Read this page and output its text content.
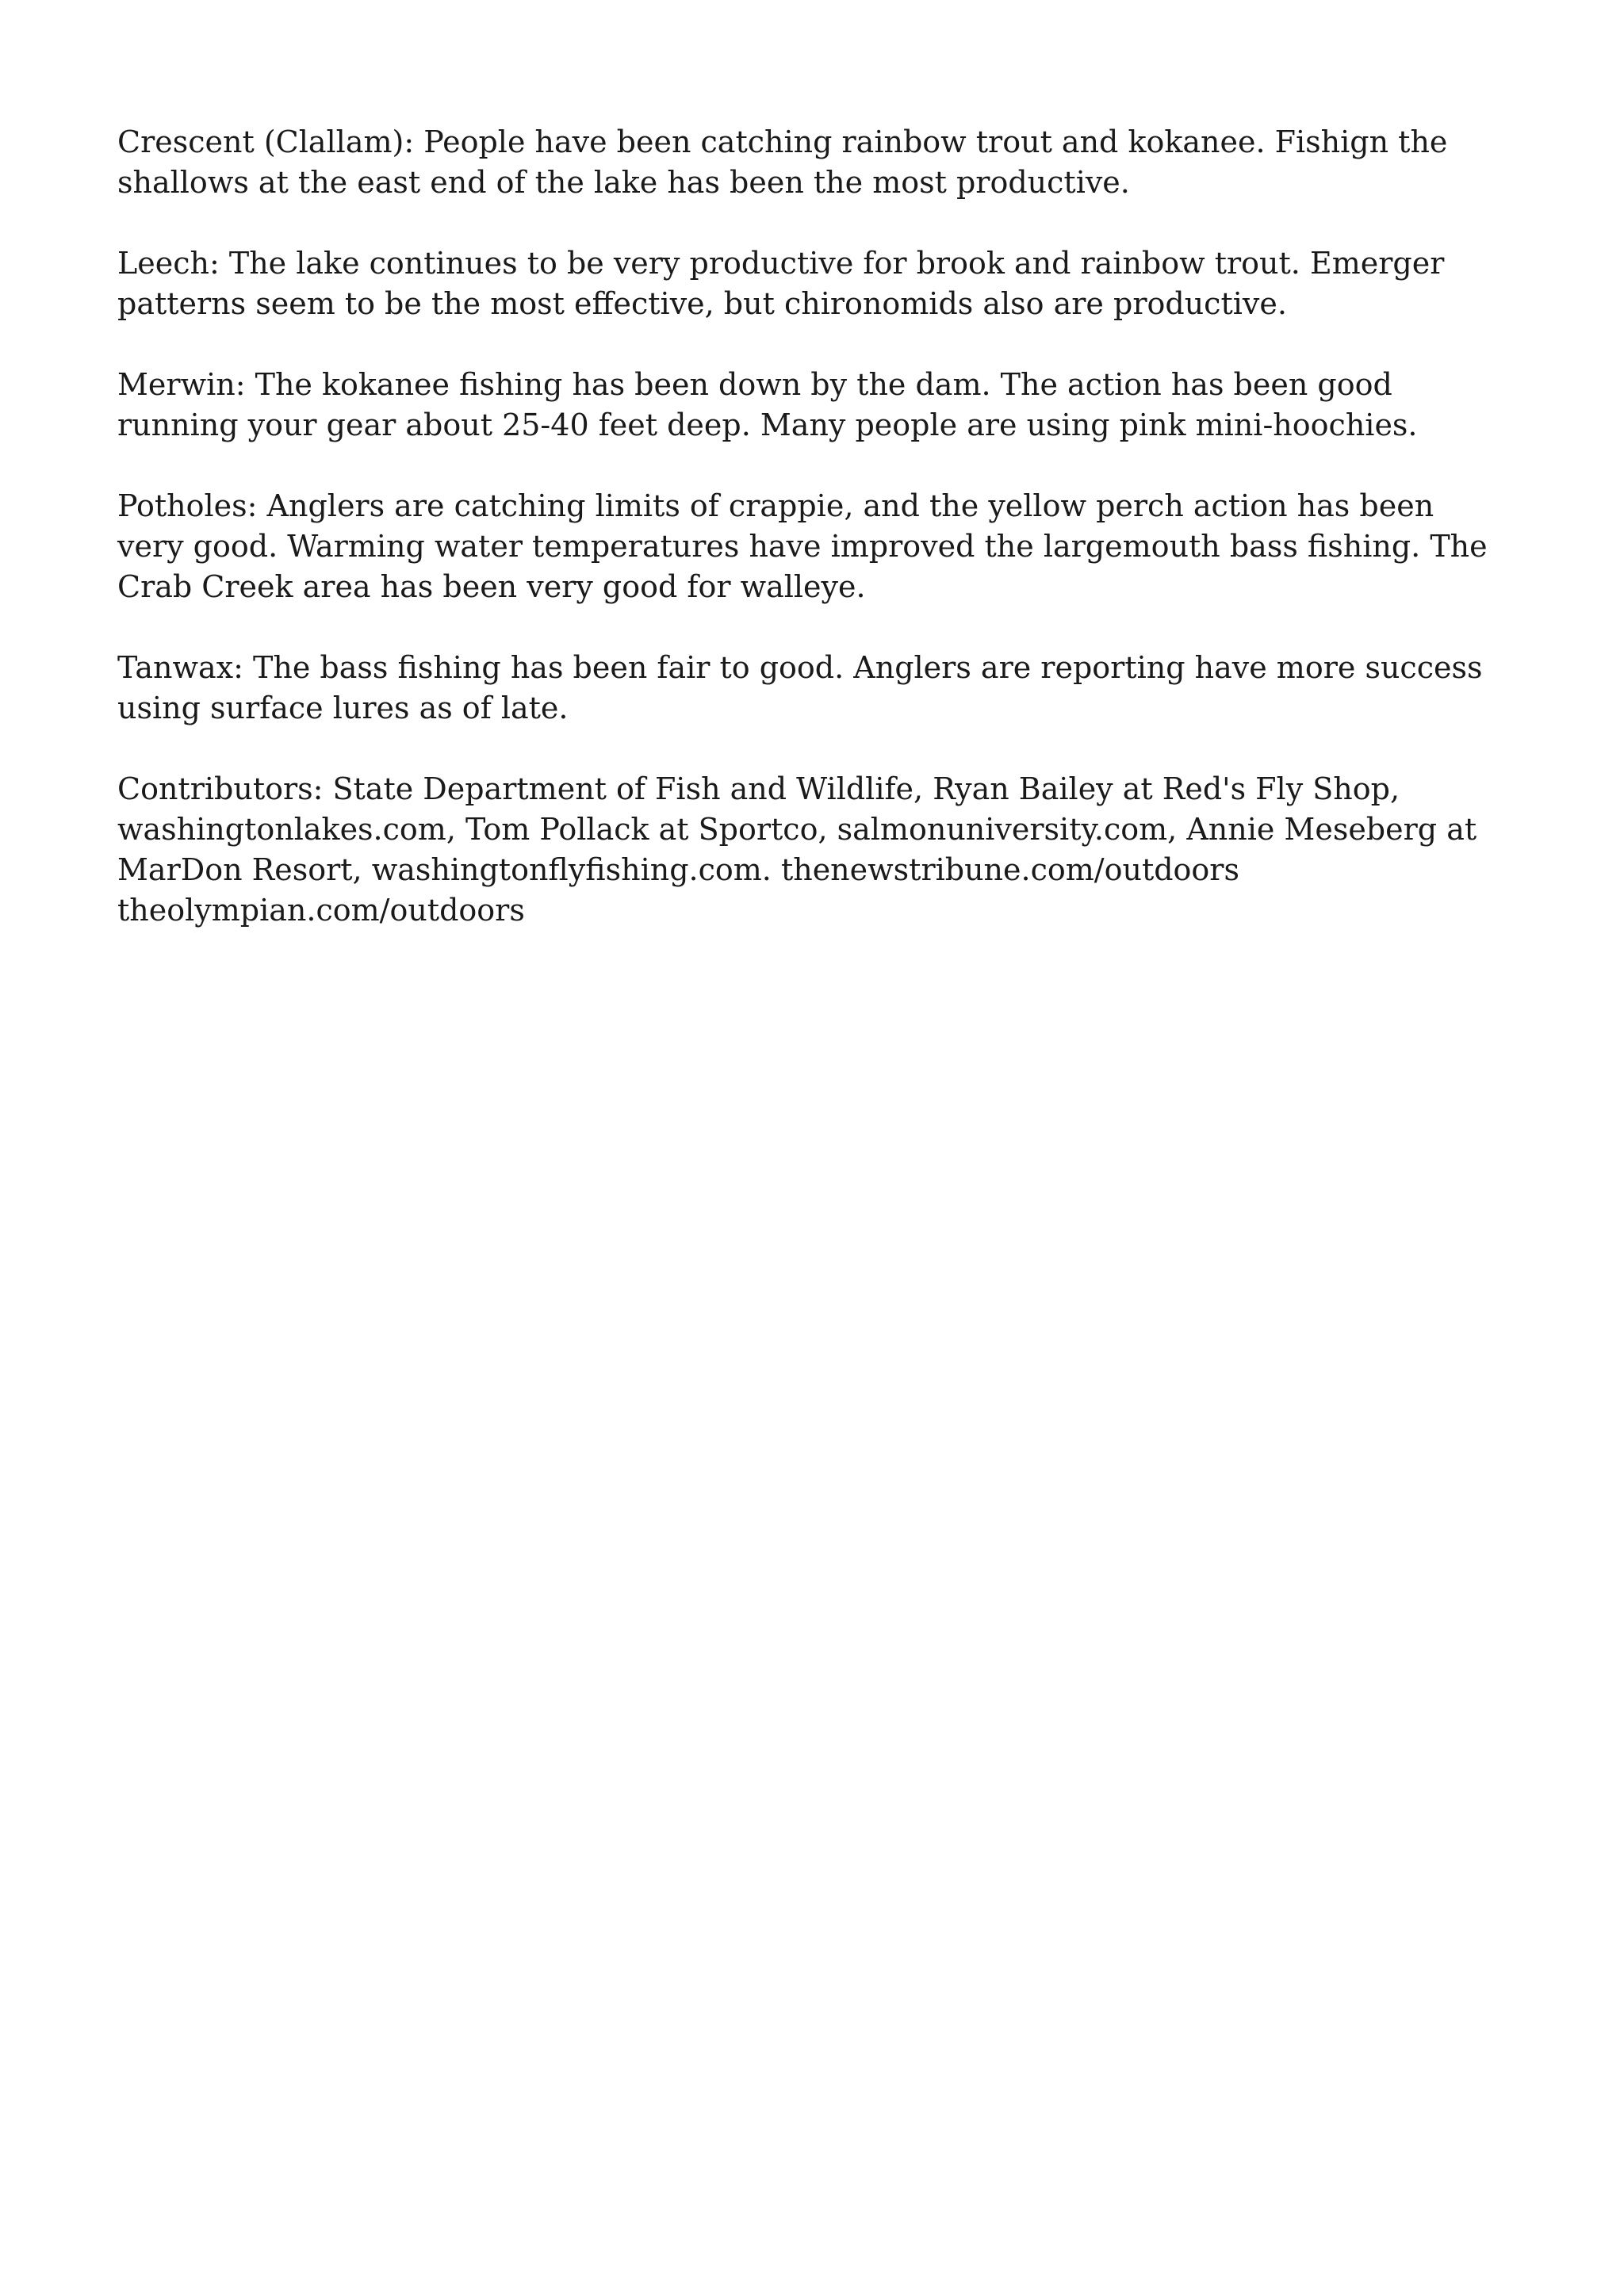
Crescent (Clallam): People have been catching rainbow trout and kokanee. Fishign the shallows at the east end of the lake has been the most productive.

Leech: The lake continues to be very productive for brook and rainbow trout. Emerger patterns seem to be the most effective, but chironomids also are productive.

Merwin: The kokanee fishing has been down by the dam. The action has been good running your gear about 25-40 feet deep. Many people are using pink mini-hoochies.

Potholes: Anglers are catching limits of crappie, and the yellow perch action has been very good. Warming water temperatures have improved the largemouth bass fishing. The Crab Creek area has been very good for walleye.

Tanwax: The bass fishing has been fair to good. Anglers are reporting have more success using surface lures as of late.

Contributors: State Department of Fish and Wildlife, Ryan Bailey at Red's Fly Shop, washingtonlakes.com, Tom Pollack at Sportco, salmonuniversity.com, Annie Meseberg at MarDon Resort, washingtonflyfishing.com. thenewstribune.com/outdoors theolympian.com/outdoors
